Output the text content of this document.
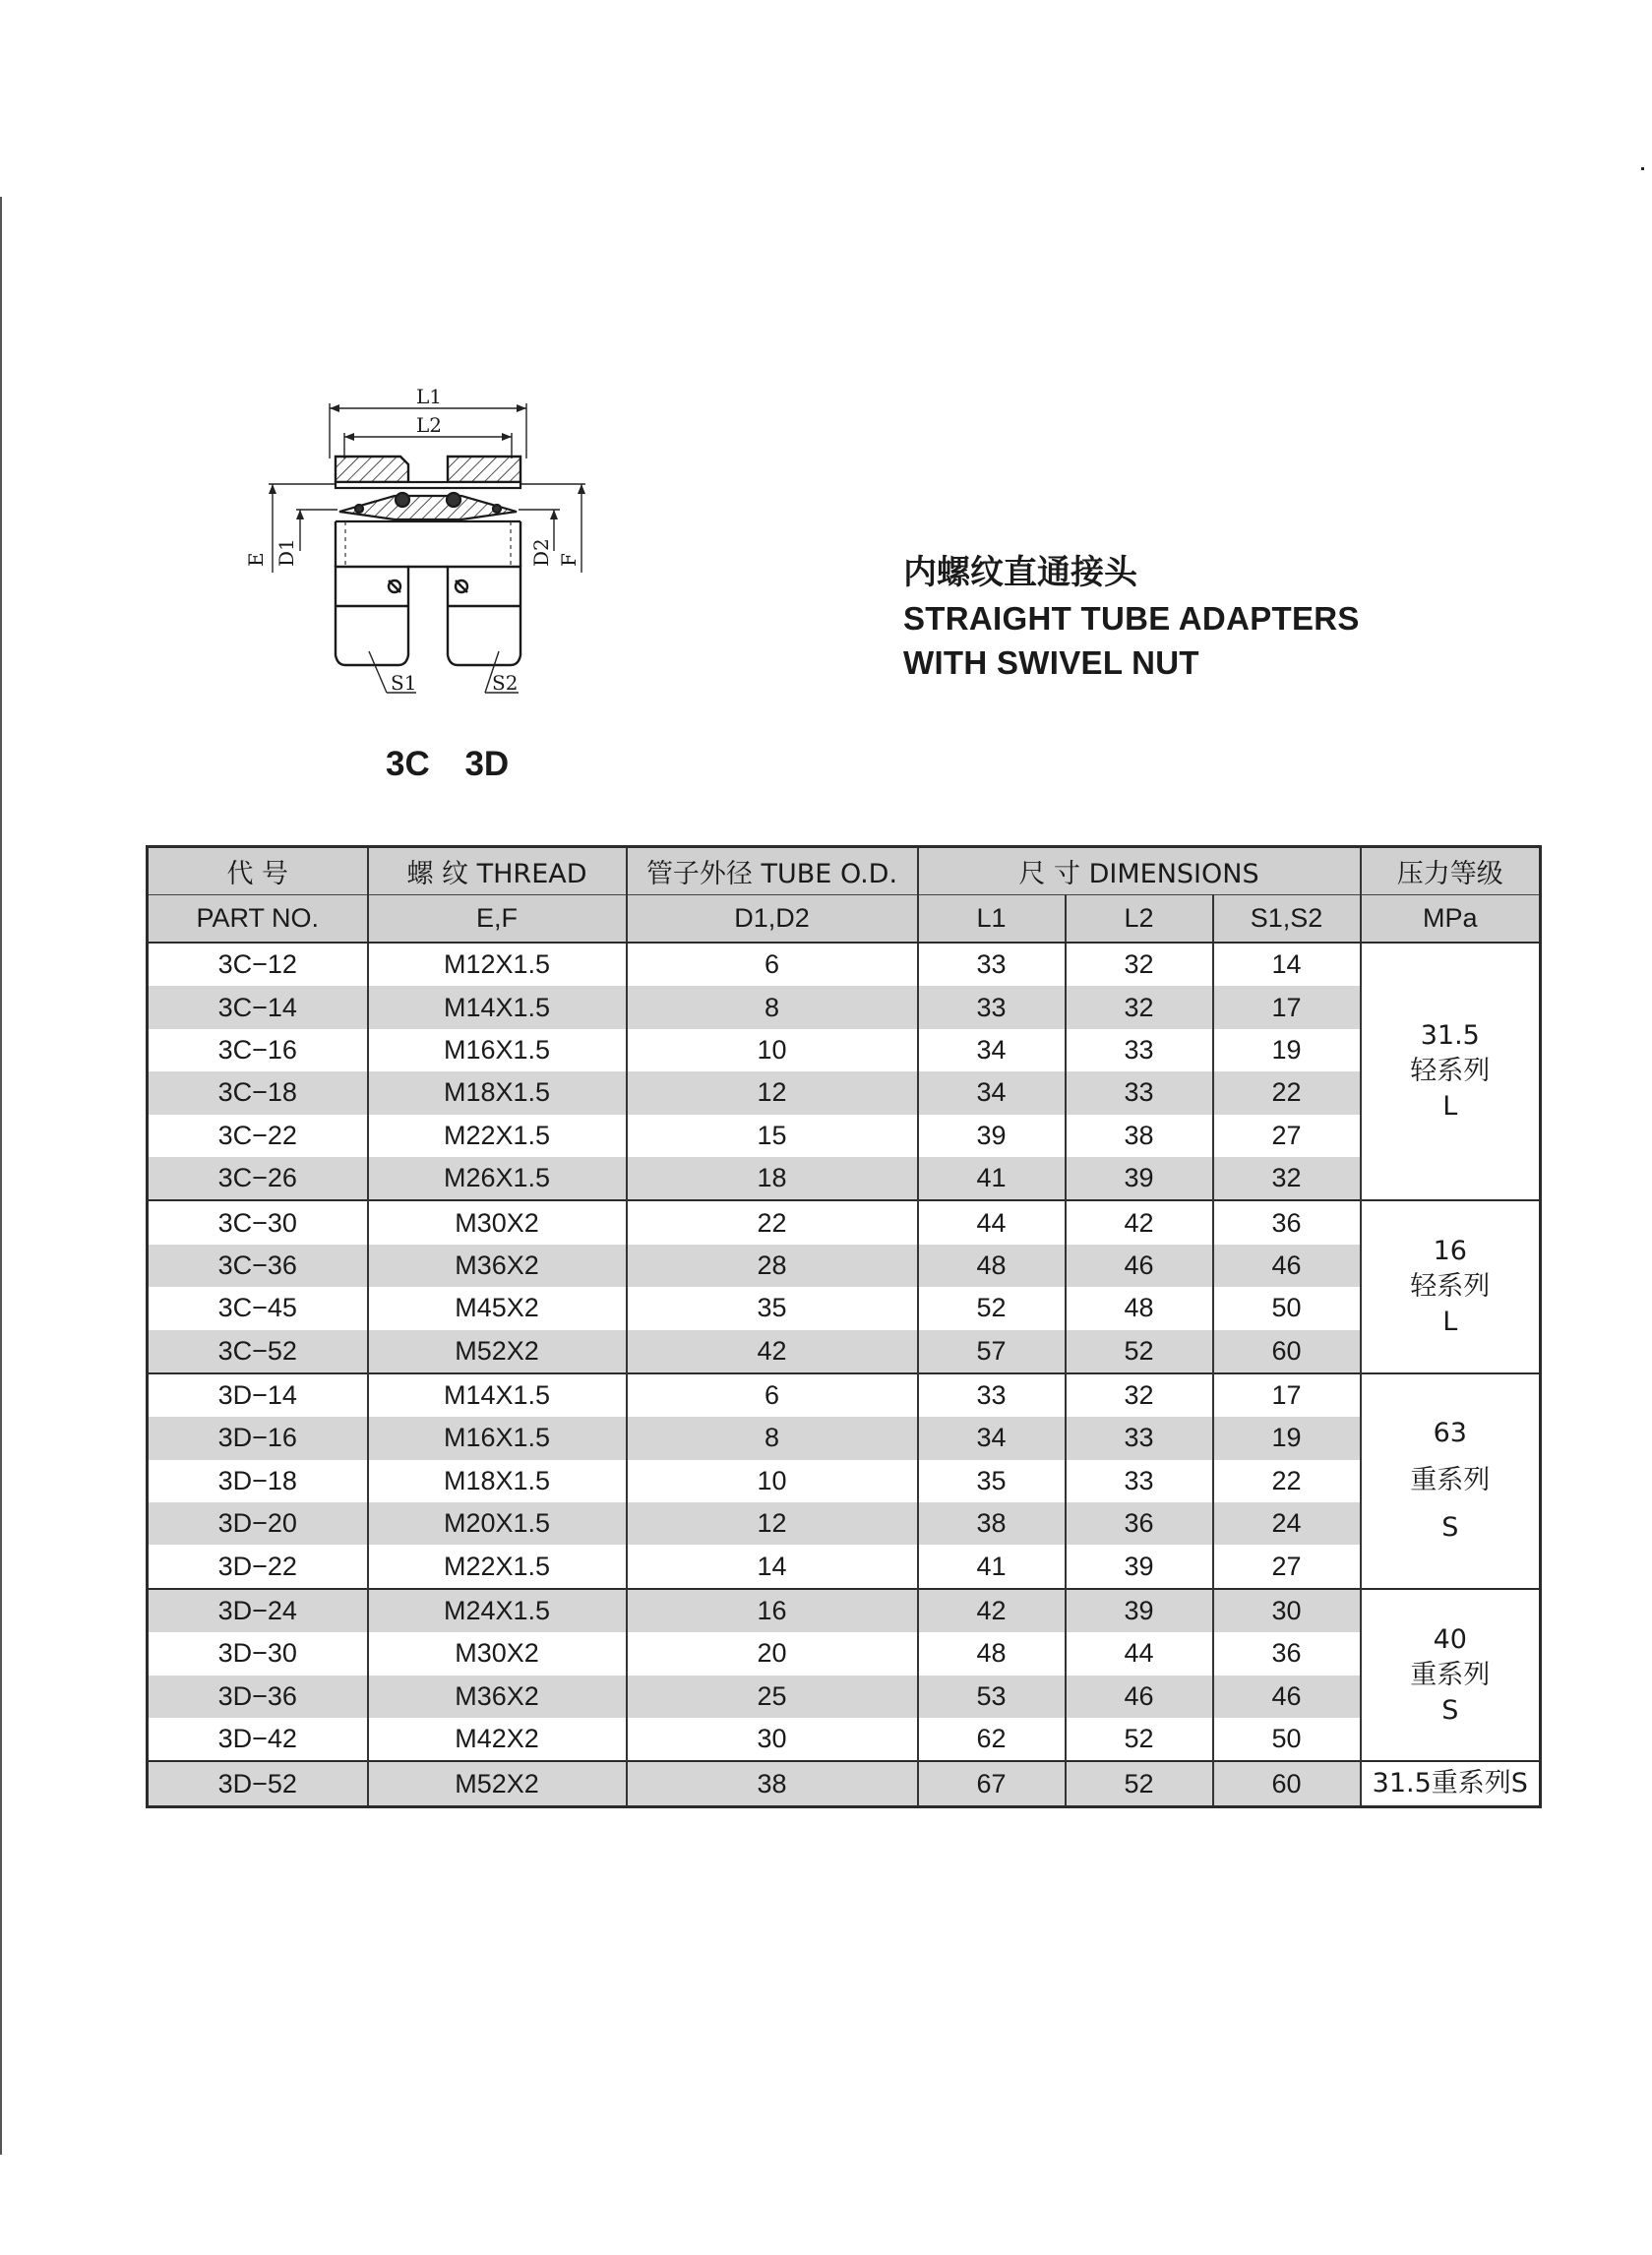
L1
L2
S1	S2
E D1	D2 F
3C 3D
内螺纹直通接头
STRAIGHT TUBE ADAPTERS
WITH SWIVEL NUT
代 号	螺 纹 THREAD	管子外径 TUBE O.D.	尺 寸 DIMENSIONS			压力等级
PART NO.	E,F	D1,D2	L1	L2	S1,S2	MPa
3C−12	M12X1.5	6	33	32	14	31.5
轻系列
L

3C−14	M14X1.5	8	33	32	17	
3C−16	M16X1.5	10	34	33	19	
3C−18	M18X1.5	12	34	33	22	
3C−22	M22X1.5	15	39	38	27	
3C−26	M26X1.5	18	41	39	32	
3C−30	M30X2	22	44	42	36	16
轻系列
L

3C−36	M36X2	28	48	46	46	
3C−45	M45X2	35	52	48	50	
3C−52	M52X2	42	57	52	60	
3D−14	M14X1.5	6	33	32	17	63
重系列
S

3D−16	M16X1.5	8	34	33	19	
3D−18	M18X1.5	10	35	33	22	
3D−20	M20X1.5	12	38	36	24	
3D−22	M22X1.5	14	41	39	27	
3D−24	M24X1.5	16	42	39	30	40
重系列
S

3D−30	M30X2	20	48	44	36	
3D−36	M36X2	25	53	46	46	
3D−42	M42X2	30	62	52	50	
3D−52	M52X2	38	67	52	60	31.5重系列S
